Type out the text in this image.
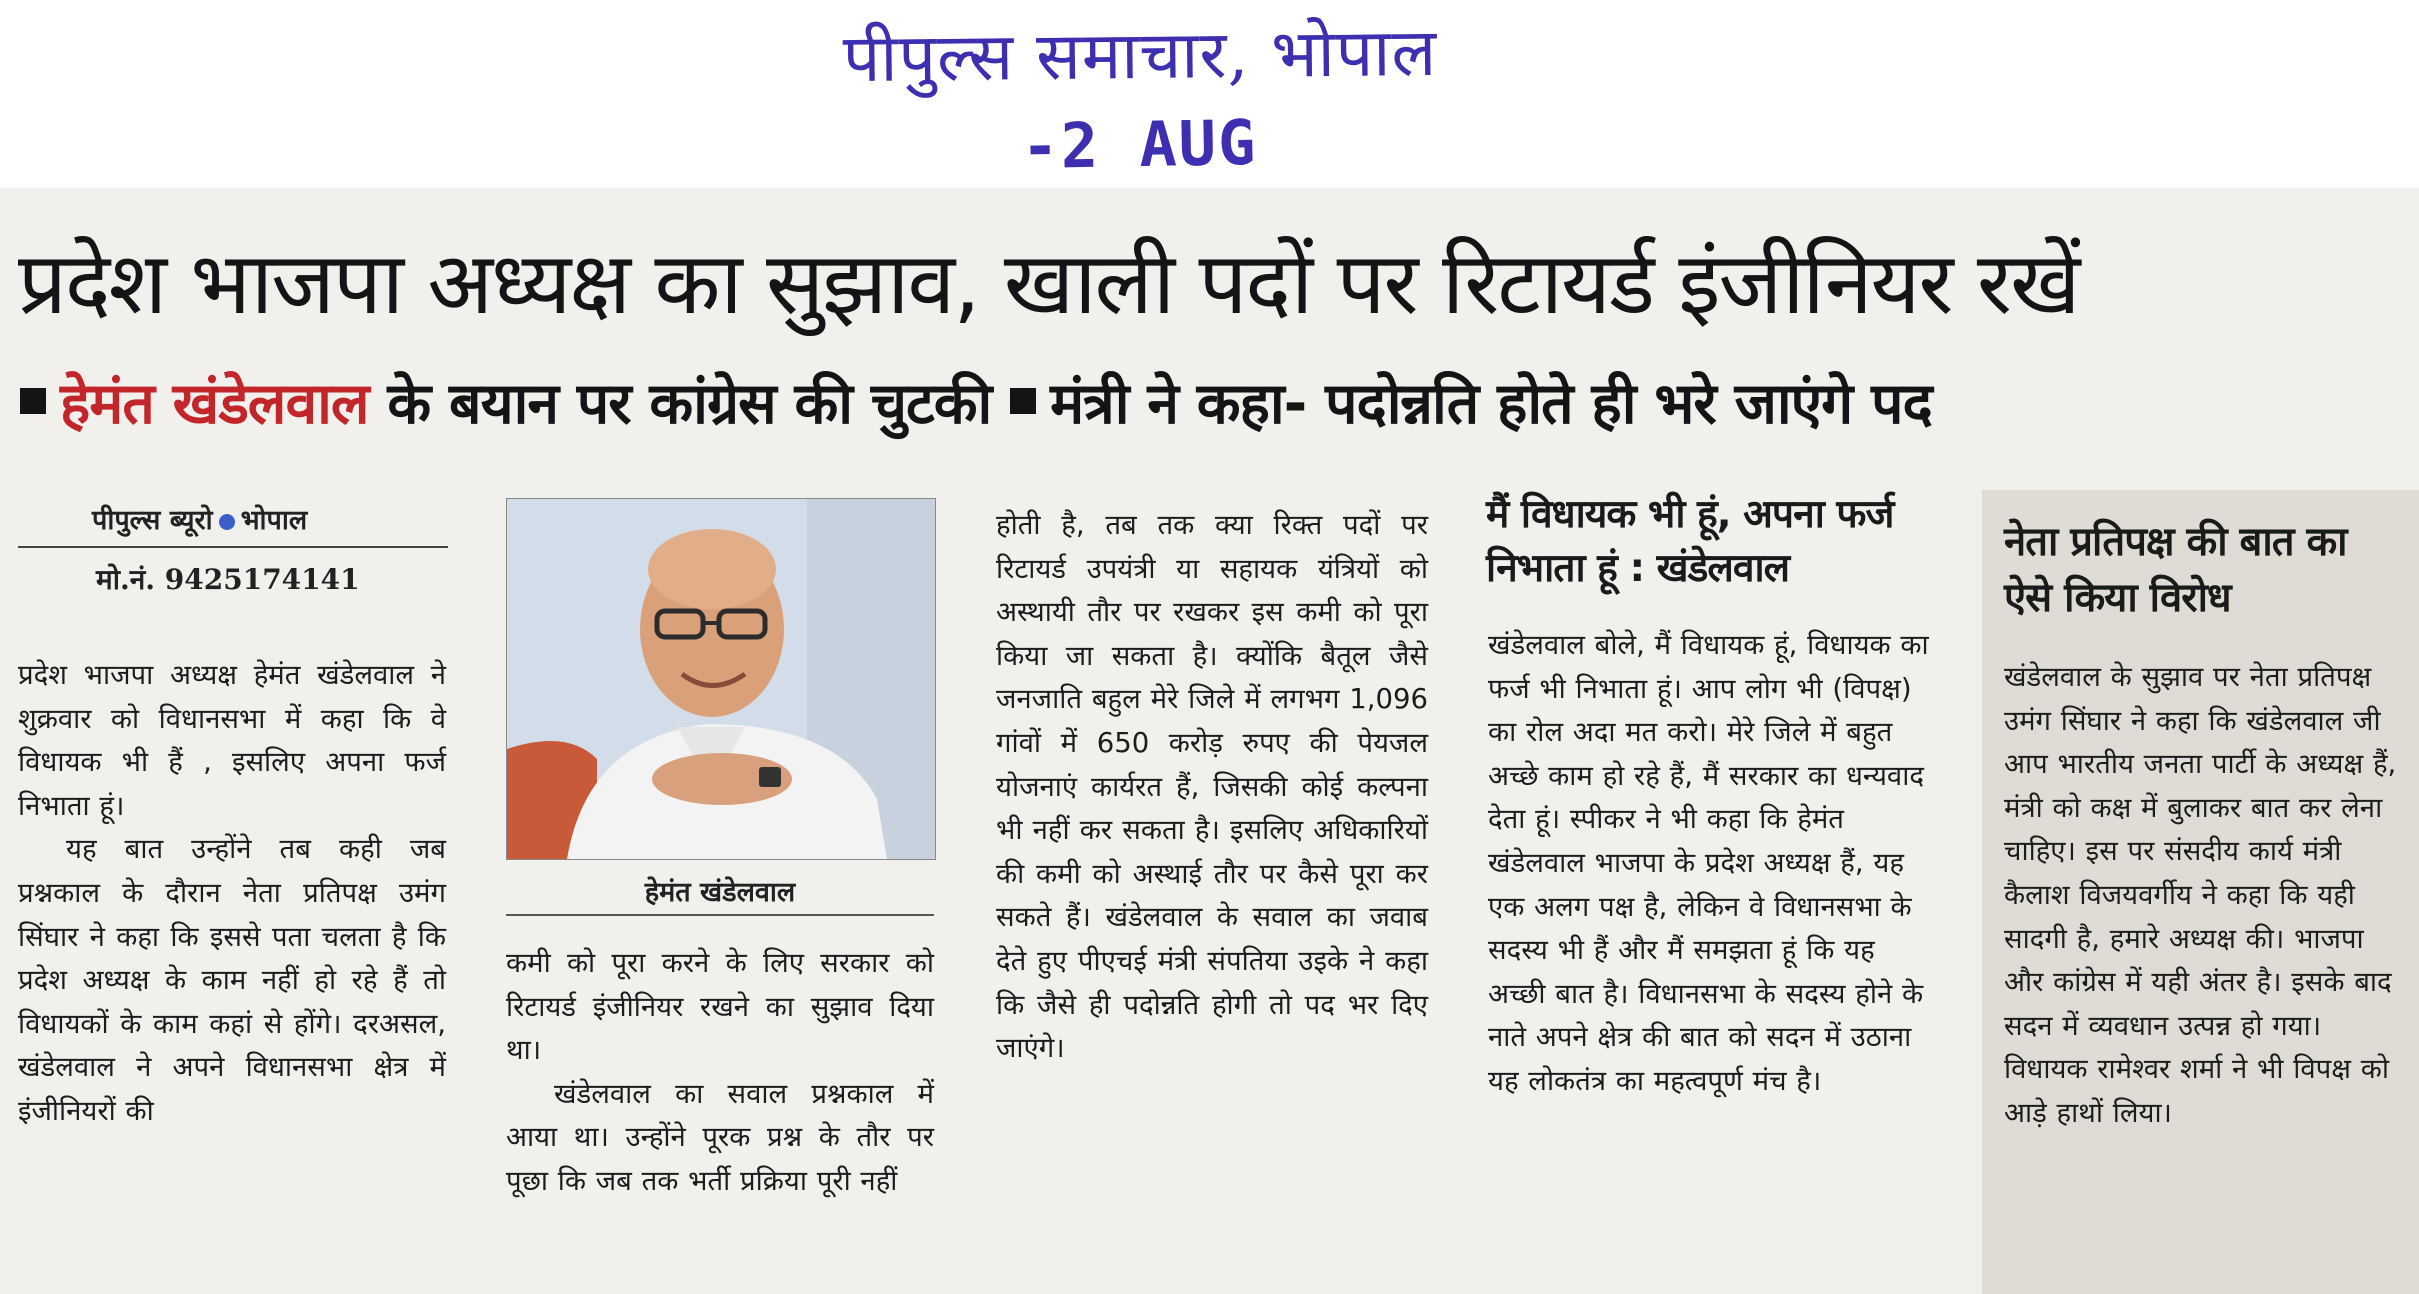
पीपुल्स समाचार, भोपाल
-2 AUG
प्रदेश भाजपा अध्यक्ष का सुझाव, खाली पदों पर रिटायर्ड इंजीनियर रखें
हेमंत खंडेलवाल के बयान पर कांग्रेस की चुटकी मंत्री ने कहा- पदोन्नति होते ही भरे जाएंगे पद
पीपुल्स ब्यूरो भोपाल
मो.नं. 9425174141

प्रदेश भाजपा अध्यक्ष हेमंत खंडेलवाल ने शुक्रवार को विधानसभा में कहा कि वे विधायक भी हैं , इसलिए अपना फर्ज निभाता हूं।

यह बात उन्होंने तब कही जब प्रश्नकाल के दौरान नेता प्रतिपक्ष उमंग सिंघार ने कहा कि इससे पता चलता है कि प्रदेश अध्यक्ष के काम नहीं हो रहे हैं तो विधायकों के काम कहां से होंगे। दरअसल, खंडेलवाल ने अपने विधानसभा क्षेत्र में इंजीनियरों की

हेमंत खंडेलवाल

कमी को पूरा करने के लिए सरकार को रिटायर्ड इंजीनियर रखने का सुझाव दिया था।

खंडेलवाल का सवाल प्रश्नकाल में आया था। उन्होंने पूरक प्रश्न के तौर पर पूछा कि जब तक भर्ती प्रक्रिया पूरी नहीं

होती है, तब तक क्या रिक्त पदों पर रिटायर्ड उपयंत्री या सहायक यंत्रियों को अस्थायी तौर पर रखकर इस कमी को पूरा किया जा सकता है। क्योंकि बैतूल जैसे जनजाति बहुल मेरे जिले में लगभग 1,096 गांवों में 650 करोड़ रुपए की पेयजल योजनाएं कार्यरत हैं, जिसकी कोई कल्पना भी नहीं कर सकता है। इसलिए अधिकारियों की कमी को अस्थाई तौर पर कैसे पूरा कर सकते हैं। खंडेलवाल के सवाल का जवाब देते हुए पीएचई मंत्री संपतिया उइके ने कहा कि जैसे ही पदोन्नति होगी तो पद भर दिए जाएंगे।

मैं विधायक भी हूं, अपना फर्ज निभाता हूं : खंडेलवाल

खंडेलवाल बोले, मैं विधायक हूं, विधायक का फर्ज भी निभाता हूं। आप लोग भी (विपक्ष) का रोल अदा मत करो। मेरे जिले में बहुत अच्छे काम हो रहे हैं, मैं सरकार का धन्यवाद देता हूं। स्पीकर ने भी कहा कि हेमंत खंडेलवाल भाजपा के प्रदेश अध्यक्ष हैं, यह एक अलग पक्ष है, लेकिन वे विधानसभा के सदस्य भी हैं और मैं समझता हूं कि यह अच्छी बात है। विधानसभा के सदस्य होने के नाते अपने क्षेत्र की बात को सदन में उठाना यह लोकतंत्र का महत्वपूर्ण मंच है।

नेता प्रतिपक्ष की बात का ऐसे किया विरोध

खंडेलवाल के सुझाव पर नेता प्रतिपक्ष उमंग सिंघार ने कहा कि खंडेलवाल जी आप भारतीय जनता पार्टी के अध्यक्ष हैं, मंत्री को कक्ष में बुलाकर बात कर लेना चाहिए। इस पर संसदीय कार्य मंत्री कैलाश विजयवर्गीय ने कहा कि यही सादगी है, हमारे अध्यक्ष की। भाजपा और कांग्रेस में यही अंतर है। इसके बाद सदन में व्यवधान उत्पन्न हो गया। विधायक रामेश्वर शर्मा ने भी विपक्ष को आड़े हाथों लिया।
